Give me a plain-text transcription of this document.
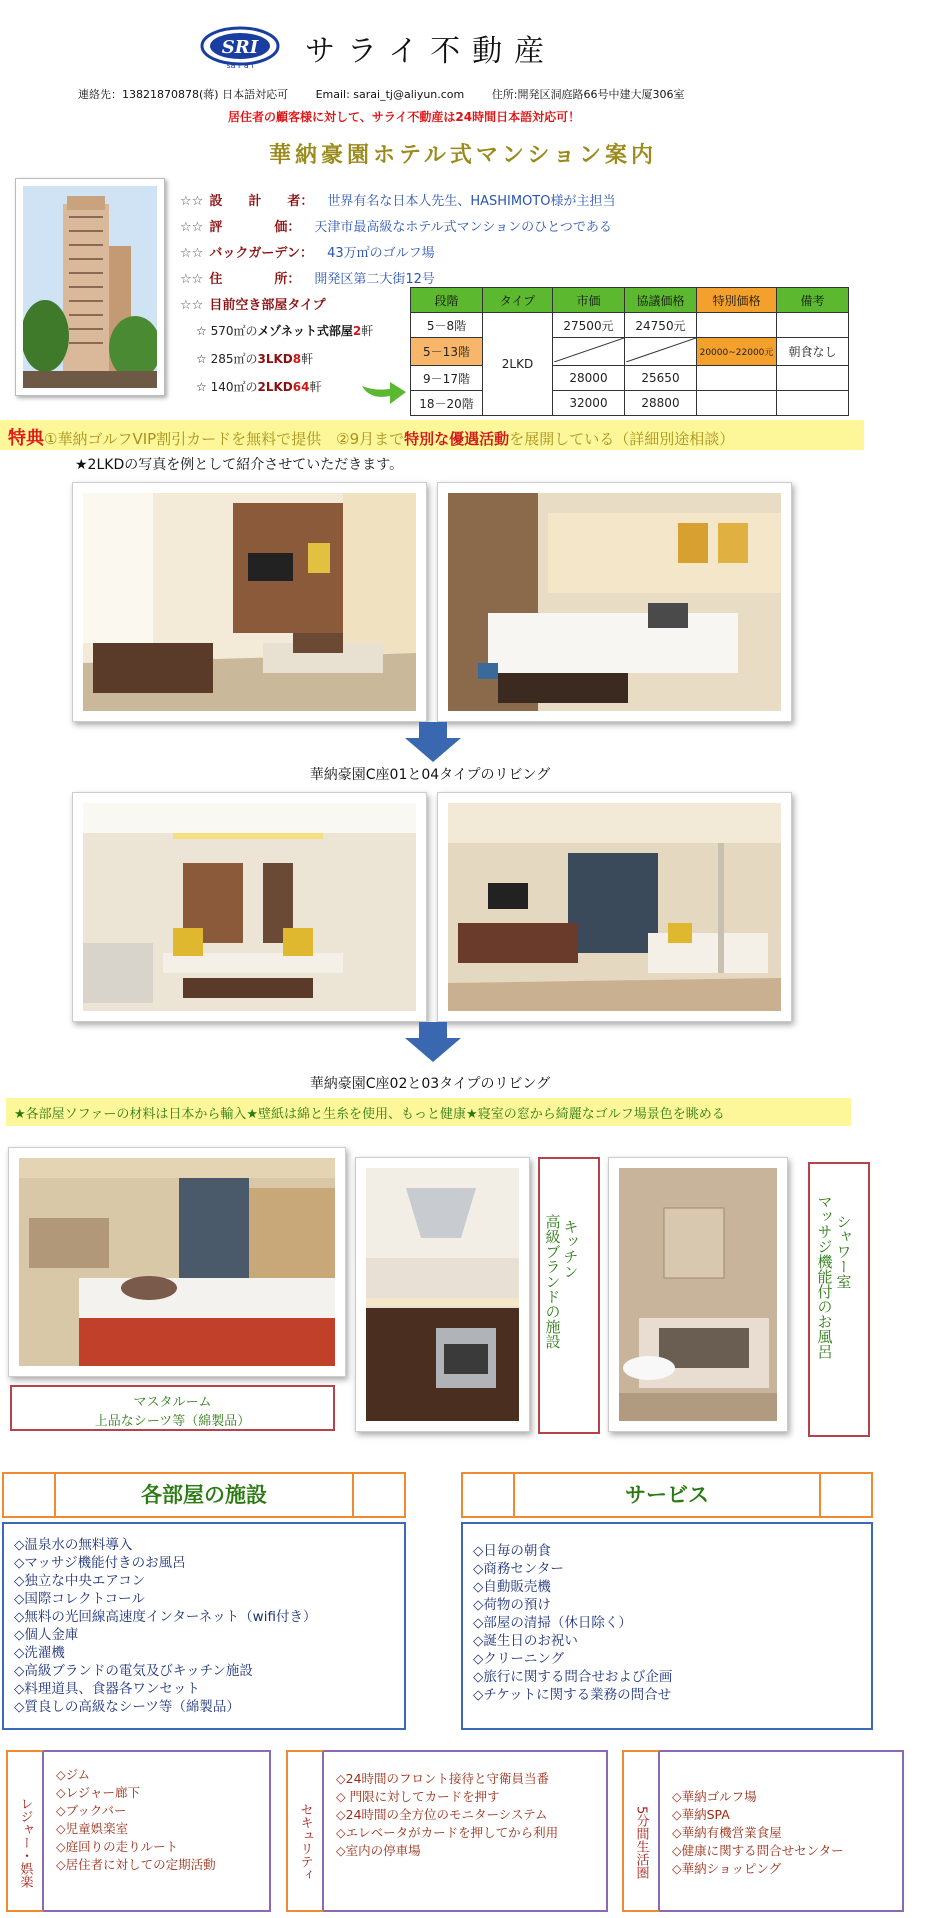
SRI
sa r a i サライ不動産
連絡先：13821870878(蒋) 日本語対応可	Email: sarai_tj@aliyun.com	住所:開発区洞庭路66号中建大厦306室
居住者の顧客様に対して、サライ不動産は24時間日本語対応可！
華納豪園ホテル式マンション案内
☆☆ 設　　計　　者： 世界有名な日本人先生、HASHIMOTO様が主担当
☆☆ 評　　　　価： 天津市最高級なホテル式マンションのひとつである
☆☆ バックガーデン： 43万㎡のゴルフ場
☆☆ 住　　　　所： 開発区第二大街12号
☆☆ 目前空き部屋タイプ
☆ 570㎡のメゾネット式部屋2軒
☆ 285㎡の3LKD8軒
☆ 140㎡の2LKD64軒
段階	タイプ	市価	協議価格	特別価格	備考
5－8階	2LKD	27500元	24750元		
5－13階				20000~22000元	朝食なし
9－17階		28000	25650		
18－20階		32000	28800		
特典①華納ゴルフVIP割引カードを無料で提供　②9月まで特別な優遇活動を展開している（詳細別途相談）
★2LKDの写真を例として紹介させていただきます。
華納豪園C座01と04タイプのリビング
華納豪園C座02と03タイプのリビング
★各部屋ソファーの材料は日本から輸入★壁紙は綿と生糸を使用、もっと健康★寝室の窓から綺麗なゴルフ場景色を眺める
マスタルーム
上品なシーツ等（綿製品）
キッチン
高級ブランドの施設	シャワー室
マッサジ機能付のお風呂
各部屋の施設
◇温泉水の無料導入
◇マッサジ機能付きのお風呂
◇独立な中央エアコン
◇国際コレクトコール
◇無料の光回線高速度インターネット（wifi付き）
◇個人金庫
◇洗濯機
◇高級ブランドの電気及びキッチン施設
◇料理道具、食器各ワンセット
◇質良しの高級なシーツ等（綿製品）
サービス
◇日毎の朝食
◇商務センター
◇自動販売機
◇荷物の預け
◇部屋の清掃（休日除く）
◇誕生日のお祝い
◇クリーニング
◇旅行に関する問合せおよび企画
◇チケットに関する業務の問合せ
レジャー・娯楽
◇ジム
◇レジャー廊下
◇ブックバー
◇児童娯楽室
◇庭回りの走りルート
◇居住者に対しての定期活動	セキュリティ
◇24時間のフロント接待と守衛員当番
◇ 門限に対してカードを押す
◇24時間の全方位のモニターシステム
◇エレベータがカードを押してから利用
◇室内の停車場	5分間生活圏
◇華納ゴルフ場
◇華納SPA
◇華納有機営業食屋
◇健康に関する問合せセンター
◇華納ショッピング
